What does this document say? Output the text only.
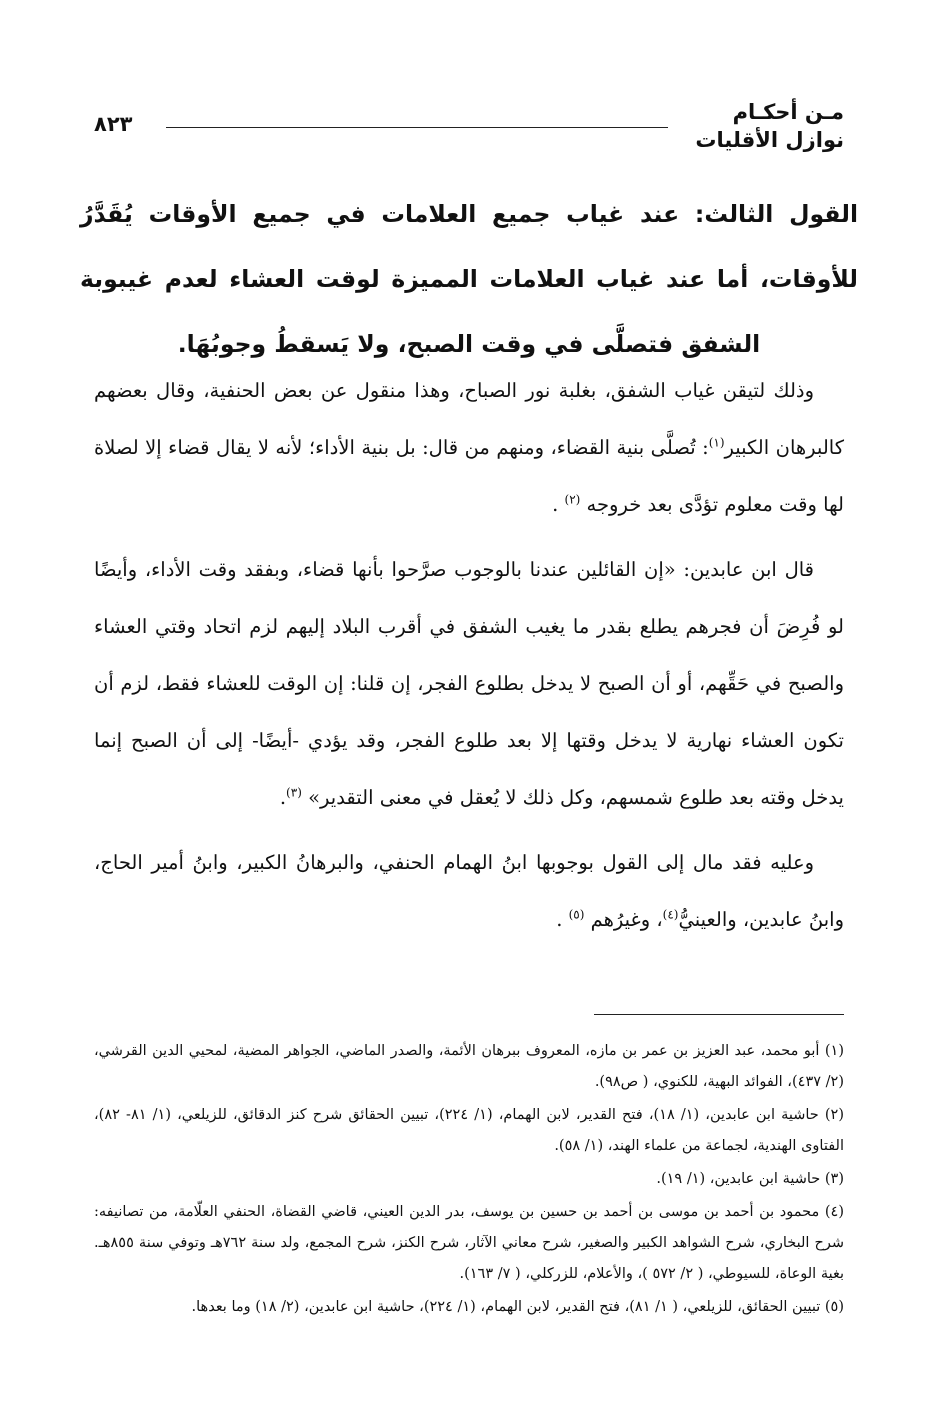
مـن أحكـام
نوازل الأقليات
٨٢٣
القول الثالث: عند غياب جميع العلامات في جميع الأوقات يُقَدَّرُ للأوقات، أما عند غياب العلامات المميزة لوقت العشاء لعدم غيبوبة الشفق فتصلَّى في وقت الصبح، ولا يَسقطُ وجوبُهَا.

وذلك لتيقن غياب الشفق، بغلبة نور الصباح، وهذا منقول عن بعض الحنفية، وقال بعضهم كالبرهان الكبير$^{(١)}$: تُصلَّى بنية القضاء، ومنهم من قال: بل بنية الأداء؛ لأنه لا يقال قضاء إلا لصلاة لها وقت معلوم تؤدَّى بعد خروجه $^{(٢)}$ .

قال ابن عابدين: «إن القائلين عندنا بالوجوب صرَّحوا بأنها قضاء، وبفقد وقت الأداء، وأيضًا لو فُرِضَ أن فجرهم يطلع بقدر ما يغيب الشفق في أقرب البلاد إليهم لزم اتحاد وقتي العشاء والصبح في حَقِّهم، أو أن الصبح لا يدخل بطلوع الفجر، إن قلنا: إن الوقت للعشاء فقط، لزم أن تكون العشاء نهارية لا يدخل وقتها إلا بعد طلوع الفجر، وقد يؤدي -أيضًا- إلى أن الصبح إنما يدخل وقته بعد طلوع شمسهم، وكل ذلك لا يُعقل في معنى التقدير» $^{(٣)}$.

وعليه فقد مال إلى القول بوجوبها ابنُ الهمام الحنفي، والبرهانُ الكبير، وابنُ أمير الحاج، وابنُ عابدين، والعينيُّ$^{(٤)}$، وغيرُهم $^{(٥)}$ .

(١) أبو محمد، عبد العزيز بن عمر بن مازه، المعروف ببرهان الأئمة، والصدر الماضي، الجواهر المضية، لمحيي الدين القرشي، (٢/ ٤٣٧)، الفوائد البهية، للكنوي، ( ص٩٨).
(٢) حاشية ابن عابدين، (١/ ١٨)، فتح القدير، لابن الهمام، (١/ ٢٢٤)، تبيين الحقائق شرح كنز الدقائق، للزيلعي، (١/ ٨١- ٨٢)، الفتاوى الهندية، لجماعة من علماء الهند، (١/ ٥٨).
(٣) حاشية ابن عابدين، (١/ ١٩).
(٤) محمود بن أحمد بن موسى بن أحمد بن حسين بن يوسف، بدر الدين العيني، قاضي القضاة، الحنفي العلّامة، من تصانيفه: شرح البخاري، شرح الشواهد الكبير والصغير، شرح معاني الآثار، شرح الكنز، شرح المجمع، ولد سنة ٧٦٢هـ وتوفي سنة ٨٥٥هـ. بغية الوعاة، للسيوطي، ( ٢/ ٥٧٢ )، والأعلام، للزركلي، ( ٧/ ١٦٣).
(٥) تبيين الحقائق، للزيلعي، ( ١/ ٨١)، فتح القدير، لابن الهمام، (١/ ٢٢٤)، حاشية ابن عابدين، (٢/ ١٨) وما بعدها.
